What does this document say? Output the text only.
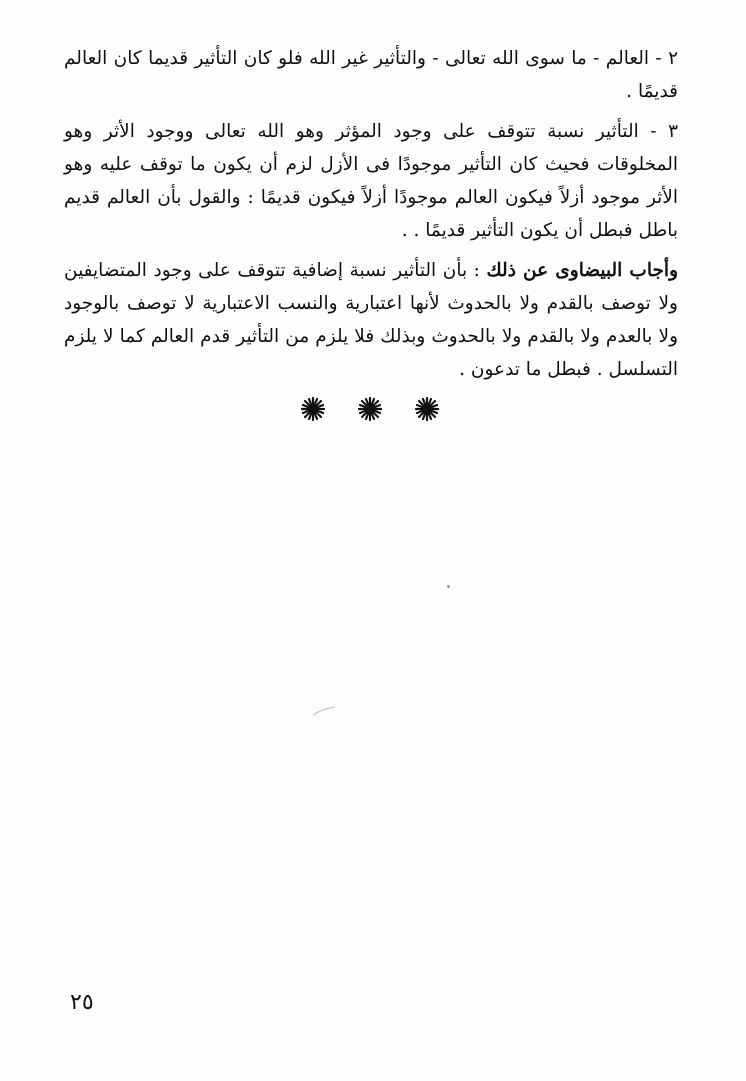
٢ - العالم - ما سوى الله تعالى - والتأثير غير الله فلو كان التأثير قديما كان العالم قديمًا .

٣ - التأثير نسبة تتوقف على وجود المؤثر وهو الله تعالى ووجود الأثر وهو المخلوقات فحيث كان التأثير موجودًا فى الأزل لزم أن يكون ما توقف عليه وهو الأثر موجود أزلاً فيكون العالم موجودًا أزلاً فيكون قديمًا : والقول بأن العالم قديم باطل فبطل أن يكون التأثير قديمًا . .

وأجاب البيضاوى عن ذلك : بأن التأثير نسبة إضافية تتوقف على وجود المتضايفين ولا توصف بالقدم ولا بالحدوث لأنها اعتبارية والنسب الاعتبارية لا توصف بالوجود ولا بالعدم ولا بالقدم ولا بالحدوث وبذلك فلا يلزم من التأثير قدم العالم كما لا يلزم التسلسل . فبطل ما تدعون .

٢٥
